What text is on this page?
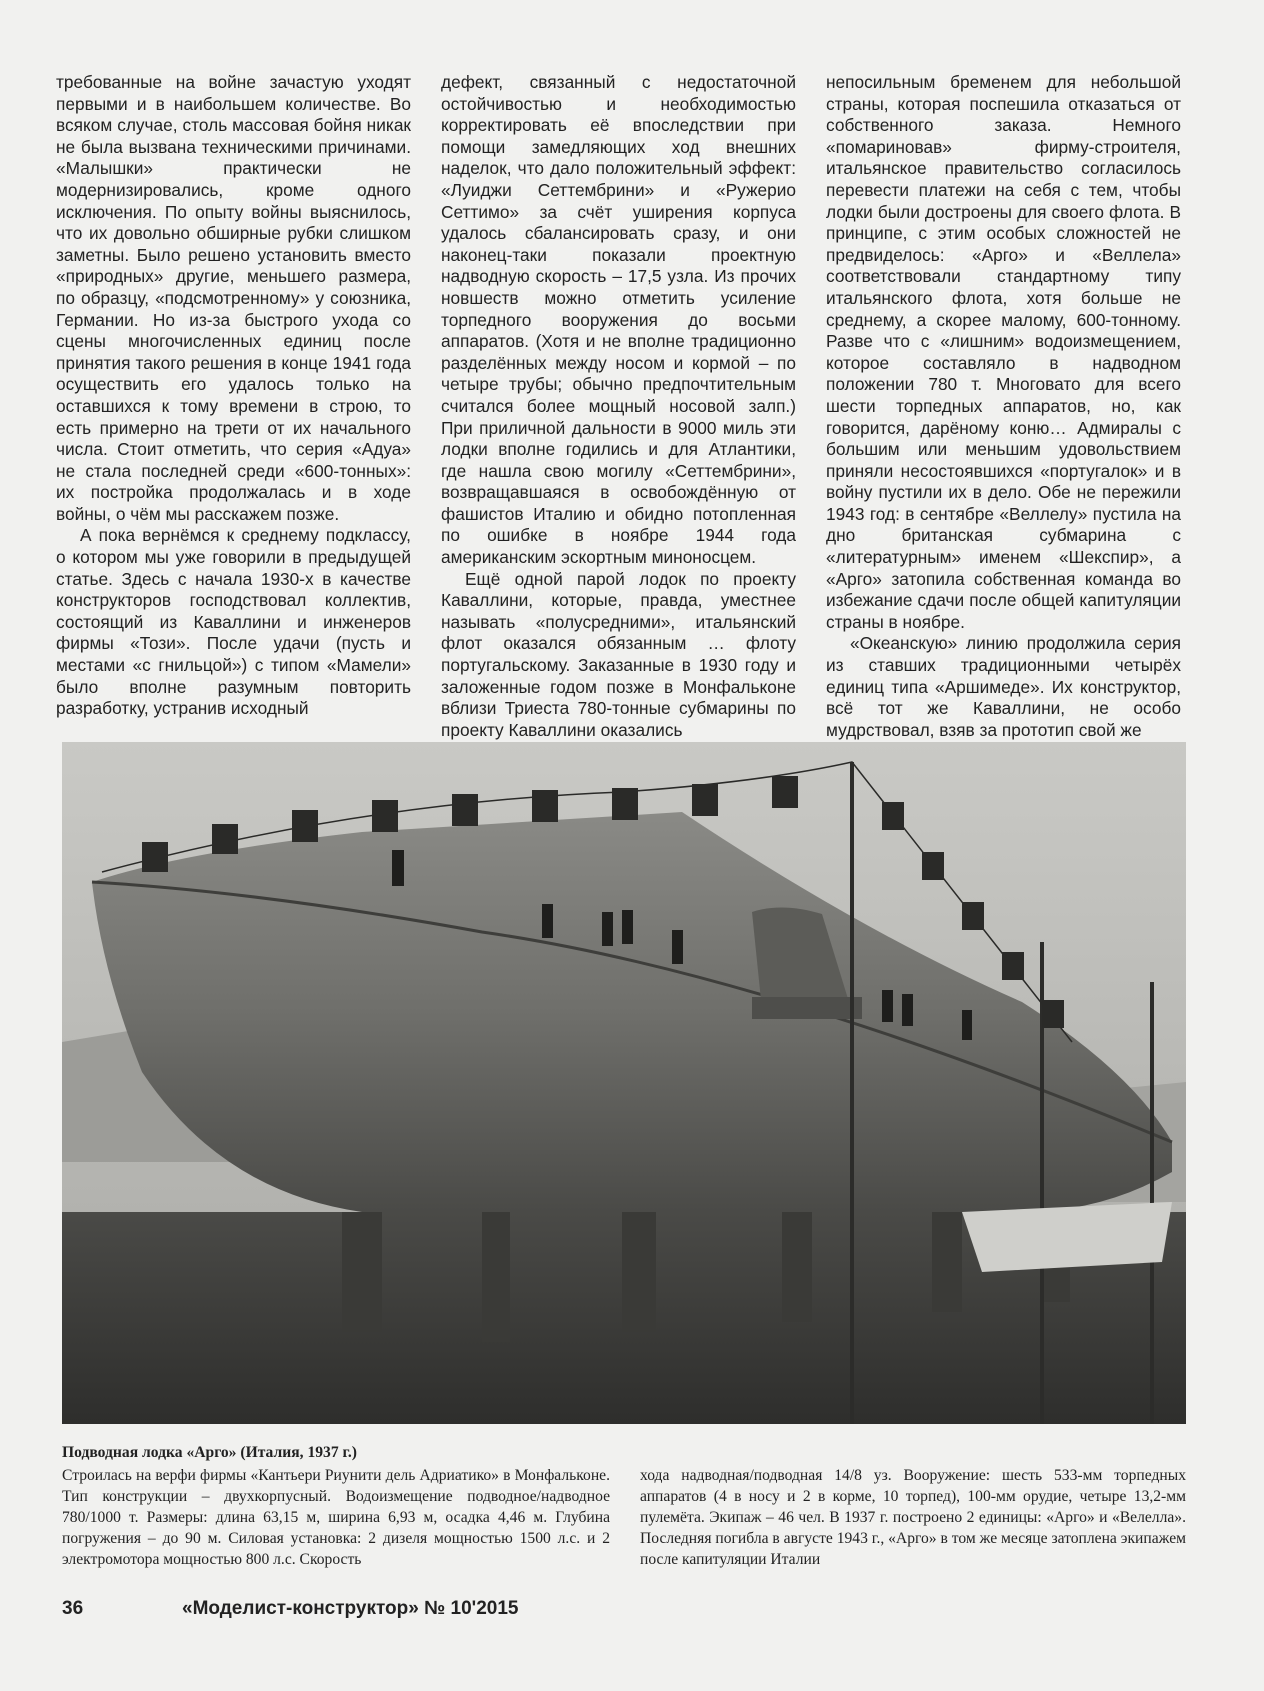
требованные на войне зачастую уходят первыми и в наибольшем количестве. Во всяком случае, столь массовая бойня никак не была вызвана техническими причинами. «Малышки» практически не модернизировались, кроме одного исключения. По опыту войны выяснилось, что их довольно обширные рубки слишком заметны. Было решено установить вместо «природных» другие, меньшего размера, по образцу, «подсмотренному» у союзника, Германии. Но из-за быстрого ухода со сцены многочисленных единиц после принятия такого решения в конце 1941 года осуществить его удалось только на оставшихся к тому времени в строю, то есть примерно на трети от их начального числа. Стоит отметить, что серия «Адуа» не стала последней среди «600-тонных»: их постройка продолжалась и в ходе войны, о чём мы расскажем позже.

А пока вернёмся к среднему подклассу, о котором мы уже говорили в предыдущей статье. Здесь с начала 1930-х в качестве конструкторов господствовал коллектив, состоящий из Каваллини и инженеров фирмы «Този». После удачи (пусть и местами «с гнильцой») с типом «Мамели» было вполне разумным повторить разработку, устранив исходный

дефект, связанный с недостаточной остойчивостью и необходимостью корректировать её впоследствии при помощи замедляющих ход внешних наделок, что дало положительный эффект: «Луиджи Сеттембрини» и «Ружерио Сеттимо» за счёт уширения корпуса удалось сбалансировать сразу, и они наконец-таки показали проектную надводную скорость – 17,5 узла. Из прочих новшеств можно отметить усиление торпедного вооружения до восьми аппаратов. (Хотя и не вполне традиционно разделённых между носом и кормой – по четыре трубы; обычно предпочтительным считался более мощный носовой залп.) При приличной дальности в 9000 миль эти лодки вполне годились и для Атлантики, где нашла свою могилу «Сеттембрини», возвращавшаяся в освобождённую от фашистов Италию и обидно потопленная по ошибке в ноябре 1944 года американским эскортным миноносцем.

Ещё одной парой лодок по проекту Каваллини, которые, правда, уместнее называть «полусредними», итальянский флот оказался обязанным … флоту португальскому. Заказанные в 1930 году и заложенные годом позже в Монфальконе вблизи Триеста 780-тонные субмарины по проекту Каваллини оказались

непосильным бременем для небольшой страны, которая поспешила отказаться от собственного заказа. Немного «помариновав» фирму-строителя, итальянское правительство согласилось перевести платежи на себя с тем, чтобы лодки были достроены для своего флота. В принципе, с этим особых сложностей не предвиделось: «Арго» и «Веллела» соответствовали стандартному типу итальянского флота, хотя больше не среднему, а скорее малому, 600-тонному. Разве что с «лишним» водоизмещением, которое составляло в надводном положении 780 т. Многовато для всего шести торпедных аппаратов, но, как говорится, дарёному коню… Адмиралы с большим или меньшим удовольствием приняли несостоявшихся «португалок» и в войну пустили их в дело. Обе не пережили 1943 год: в сентябре «Веллелу» пустила на дно британская субмарина с «литературным» именем «Шекспир», а «Арго» затопила собственная команда во избежание сдачи после общей капитуляции страны в ноябре.

«Океанскую» линию продолжила серия из ставших традиционными четырёх единиц типа «Аршимеде». Их конструктор, всё тот же Каваллини, не особо мудрствовал, взяв за прототип свой же

Подводная лодка «Арго» (Италия, 1937 г.)
Строилась на верфи фирмы «Кантьери Риунити дель Адриатико» в Монфальконе. Тип конструкции – двухкорпусный. Водоизмещение подводное/надводное 780/1000 т. Размеры: длина 63,15 м, ширина 6,93 м, осадка 4,46 м. Глубина погружения – до 90 м. Силовая установка: 2 дизеля мощностью 1500 л.с. и 2 электромотора мощностью 800 л.с. Скорость
хода надводная/подводная 14/8 уз. Вооружение: шесть 533-мм торпедных аппаратов (4 в носу и 2 в корме, 10 торпед), 100-мм орудие, четыре 13,2-мм пулемёта. Экипаж – 46 чел. В 1937 г. построено 2 единицы: «Арго» и «Велелла». Последняя погибла в августе 1943 г., «Арго» в том же месяце затоплена экипажем после капитуляции Италии
36	«Моделист-конструктор» № 10'2015
